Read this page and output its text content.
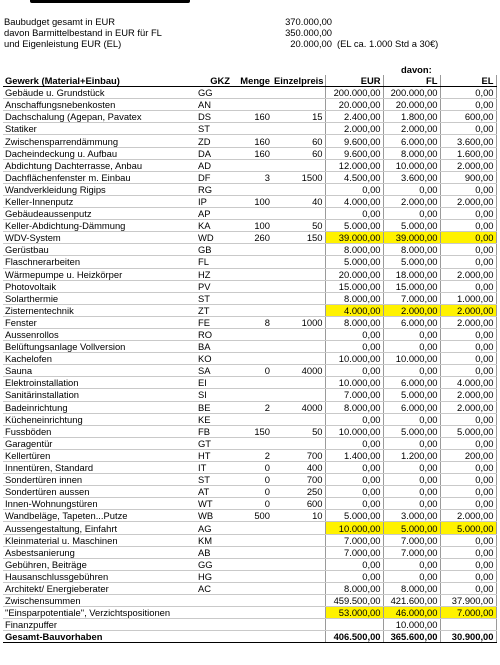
Baubudget gesamt in EUR	370.000,00
davon Barmittelbestand in EUR für FL	350.000,00
und Eigenleistung EUR (EL)	20.000,00 (EL ca. 1.000 Std a 30€)
					davon:	
Gewerk (Material+Einbau)	GKZ	Menge	Einzelpreis	EUR	FL	EL
Gebäude u. Grundstück	GG			200.000,00	200.000,00	0,00
Anschaffungsnebenkosten	AN			20.000,00	20.000,00	0,00
Dachschalung (Agepan, Pavatex	DS	160	15	2.400,00	1.800,00	600,00
Statiker	ST			2.000,00	2.000,00	0,00
Zwischensparrendämmung	ZD	160	60	9.600,00	6.000,00	3.600,00
Dacheindeckung u. Aufbau	DA	160	60	9.600,00	8.000,00	1.600,00
Abdichtung Dachterrasse, Anbau	AD			12.000,00	10.000,00	2.000,00
Dachflächenfenster m. Einbau	DF	3	1500	4.500,00	3.600,00	900,00
Wandverkleidung Rigips	RG			0,00	0,00	0,00
Keller-Innenputz	IP	100	40	4.000,00	2.000,00	2.000,00
Gebäudeaussenputz	AP			0,00	0,00	0,00
Keller-Abdichtung-Dämmung	KA	100	50	5.000,00	5.000,00	0,00
WDV-System	WD	260	150	39.000,00	39.000,00	0,00
Gerüstbau	GB			8.000,00	8.000,00	0,00
Flaschnerarbeiten	FL			5.000,00	5.000,00	0,00
Wärmepumpe u. Heizkörper	HZ			20.000,00	18.000,00	2.000,00
Photovoltaik	PV			15.000,00	15.000,00	0,00
Solarthermie	ST			8.000,00	7.000,00	1.000,00
Zisternentechnik	ZT			4.000,00	2.000,00	2.000,00
Fenster	FE	8	1000	8.000,00	6.000,00	2.000,00
Aussenrollos	RO			0,00	0,00	0,00
Belüftungsanlage Vollversion	BA			0,00	0,00	0,00
Kachelofen	KO			10.000,00	10.000,00	0,00
Sauna	SA	0	4000	0,00	0,00	0,00
Elektroinstallation	EI			10.000,00	6.000,00	4.000,00
Sanitärinstallation	SI			7.000,00	5.000,00	2.000,00
Badeinrichtung	BE	2	4000	8.000,00	6.000,00	2.000,00
Kücheneinrichtung	KE			0,00	0,00	0,00
Fussböden	FB	150	50	10.000,00	5.000,00	5.000,00
Garagentür	GT			0,00	0,00	0,00
Kellertüren	HT	2	700	1.400,00	1.200,00	200,00
Innentüren, Standard	IT	0	400	0,00	0,00	0,00
Sondertüren innen	ST	0	700	0,00	0,00	0,00
Sondertüren aussen	AT	0	250	0,00	0,00	0,00
Innen-Wohnungstüren	WT	0	600	0,00	0,00	0,00
Wandbeläge, Tapeten...Putze	WB	500	10	5.000,00	3.000,00	2.000,00
Aussengestaltung, Einfahrt	AG			10.000,00	5.000,00	5.000,00
Kleinmaterial u. Maschinen	KM			7.000,00	7.000,00	0,00
Asbestsanierung	AB			7.000,00	7.000,00	0,00
Gebühren, Beiträge	GG			0,00	0,00	0,00
Hausanschlussgebühren	HG			0,00	0,00	0,00
Architekt/ Energieberater	AC			8.000,00	8.000,00	0,00
Zwischensummen				459.500,00	421.600,00	37.900,00
"Einsparpotentiale", Verzichtspositionen				53.000,00	46.000,00	7.000,00
Finanzpuffer					10.000,00	
Gesamt-Bauvorhaben				406.500,00	365.600,00	30.900,00
